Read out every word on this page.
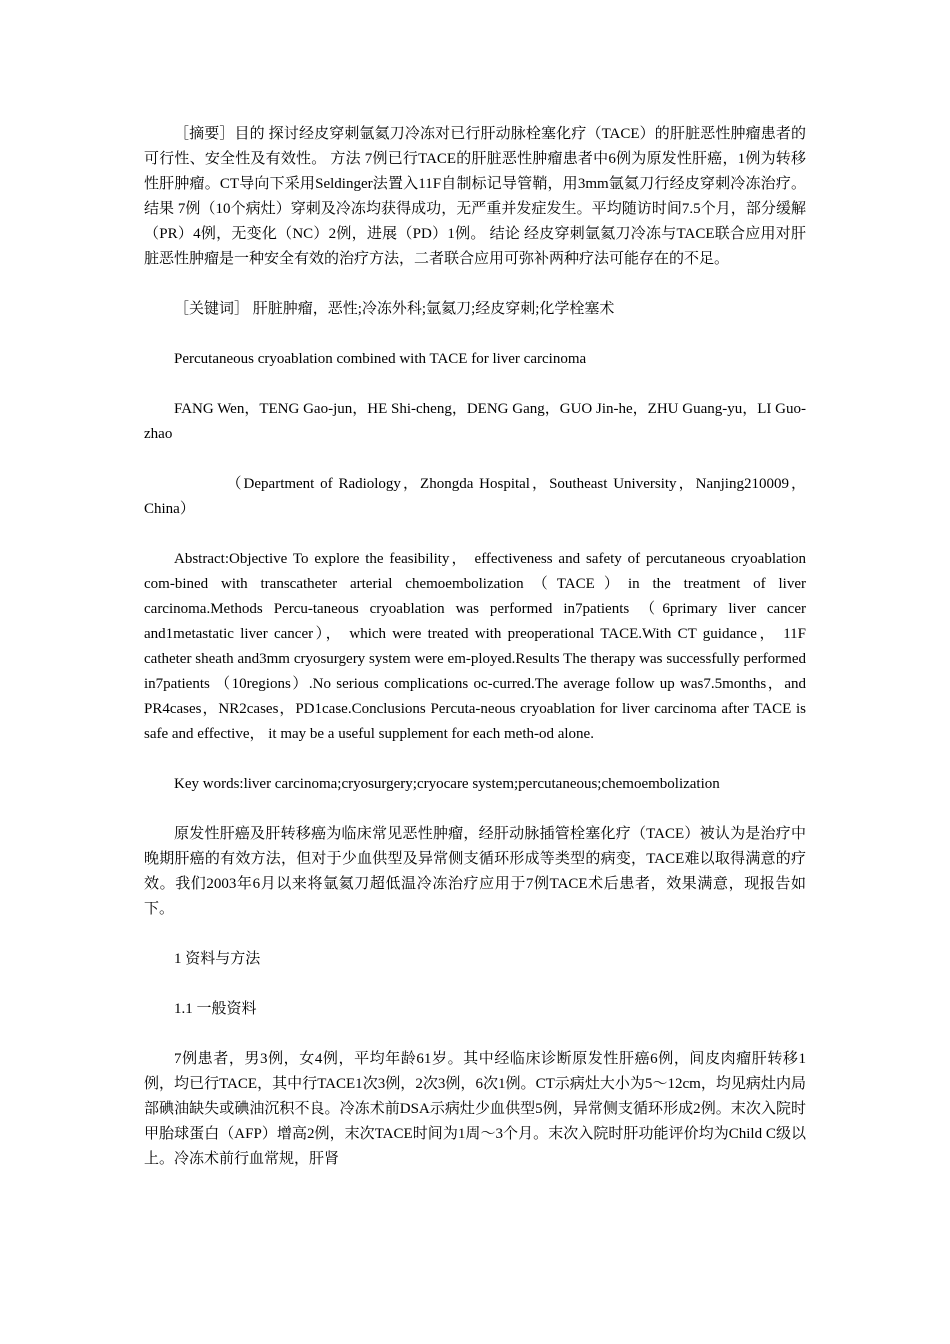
［摘要］目的 探讨经皮穿刺氩氦刀冷冻对已行肝动脉栓塞化疗（TACE）的肝脏恶性肿瘤患者的可行性、安全性及有效性。 方法 7例已行TACE的肝脏恶性肿瘤患者中6例为原发性肝癌，1例为转移性肝肿瘤。CT导向下采用Seldinger法置入11F自制标记导管鞘，用3mm氩氦刀行经皮穿刺冷冻治疗。 结果 7例（10个病灶）穿刺及冷冻均获得成功，无严重并发症发生。平均随访时间7.5个月，部分缓解（PR）4例，无变化（NC）2例，进展（PD）1例。 结论 经皮穿刺氩氦刀冷冻与TACE联合应用对肝脏恶性肿瘤是一种安全有效的治疗方法，二者联合应用可弥补两种疗法可能存在的不足。

［关键词］ 肝脏肿瘤，恶性;冷冻外科;氩氦刀;经皮穿刺;化学栓塞术

Percutaneous cryoablation combined with TACE for liver carcinoma

FANG Wen，TENG Gao-jun，HE Shi-cheng，DENG Gang，GUO Jin-he，ZHU Guang-yu，LI Guo-zhao

（Department of Radiology，Zhongda Hospital，Southeast University，Nanjing210009，China）

Abstract:Objective To explore the feasibility， effectiveness and safety of percutaneous cryoablation com-bined with transcatheter arterial chemoembolization（TACE）in the treatment of liver carcinoma.Methods Percu-taneous cryoablation was performed in7patients （6primary liver cancer and1metastatic liver cancer）， which were treated with preoperational TACE.With CT guidance， 11F catheter sheath and3mm cryosurgery system were em-ployed.Results The therapy was successfully performed in7patients （10regions）.No serious complications oc-curred.The average follow up was7.5months，and PR4cases，NR2cases，PD1case.Conclusions Percuta-neous cryoablation for liver carcinoma after TACE is safe and effective， it may be a useful supplement for each meth-od alone.

Key words:liver carcinoma;cryosurgery;cryocare system;percutaneous;chemoembolization

原发性肝癌及肝转移癌为临床常见恶性肿瘤，经肝动脉插管栓塞化疗（TACE）被认为是治疗中晚期肝癌的有效方法，但对于少血供型及异常侧支循环形成等类型的病变，TACE难以取得满意的疗效。我们2003年6月以来将氩氦刀超低温冷冻治疗应用于7例TACE术后患者，效果满意，现报告如下。

1 资料与方法

1.1 一般资料

7例患者，男3例，女4例，平均年龄61岁。其中经临床诊断原发性肝癌6例，间皮肉瘤肝转移1例，均已行TACE，其中行TACE1次3例，2次3例，6次1例。CT示病灶大小为5～12cm，均见病灶内局部碘油缺失或碘油沉积不良。冷冻术前DSA示病灶少血供型5例，异常侧支循环形成2例。末次入院时甲胎球蛋白（AFP）增高2例，末次TACE时间为1周～3个月。末次入院时肝功能评价均为Child C级以上。冷冻术前行血常规，肝肾
